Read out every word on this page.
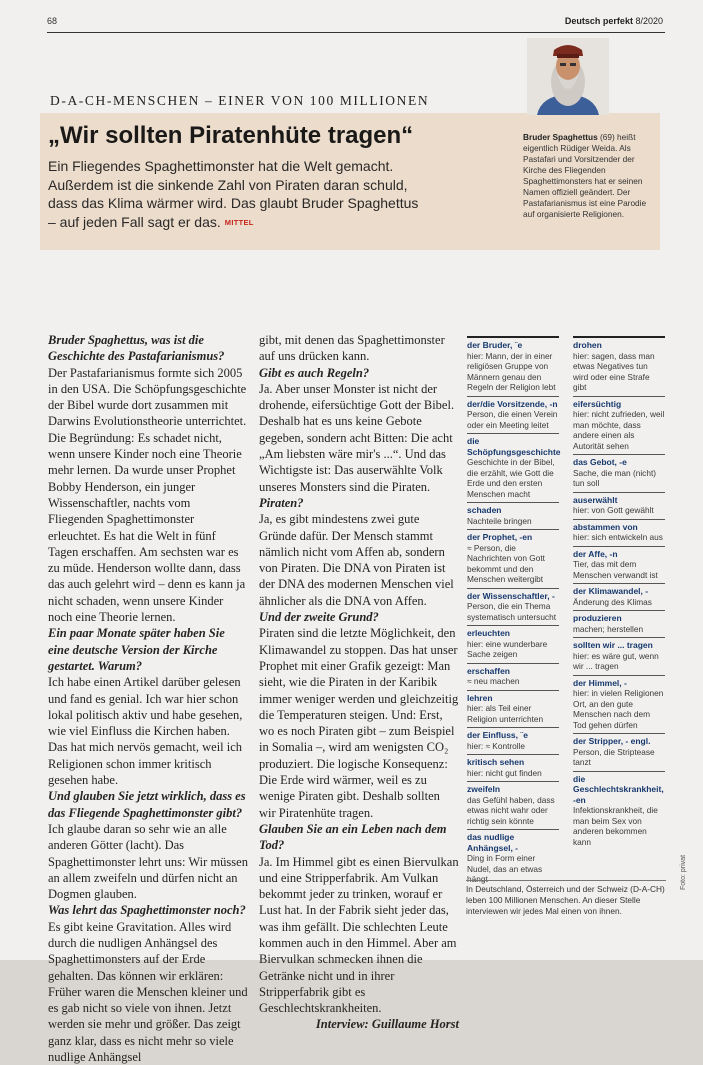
68	Deutsch perfekt 8/2020
D-A-CH-MENSCHEN – EINER VON 100 MILLIONEN
Bruder Spaghettus (69) heißt eigentlich Rüdiger Weida. Als Pastafari und Vorsitzender der Kirche des Fliegenden Spaghettimonsters hat er seinen Namen offiziell geändert. Der Pastafarianismus ist eine Parodie auf organisierte Religionen.
„Wir sollten Piratenhüte tragen“
Ein Fliegendes Spaghettimonster hat die Welt gemacht. Außerdem ist die sinkende Zahl von Piraten daran schuld, dass das Klima wärmer wird. Das glaubt Bruder Spaghettus – auf jeden Fall sagt er das. MITTEL

Bruder Spaghettus, was ist die Geschichte des Pastafarianismus?

Der Pastafarianismus formte sich 2005 in den USA. Die Schöpfungsgeschichte der Bibel wurde dort zusammen mit Darwins Evolutionstheorie unterrichtet. Die Begründung: Es schadet nicht, wenn unsere Kinder noch eine Theorie mehr lernen. Da wurde unser Prophet Bobby Henderson, ein junger Wissenschaftler, nachts vom Fliegenden Spaghettimonster erleuchtet. Es hat die Welt in fünf Tagen erschaffen. Am sechsten war es zu müde. Henderson wollte dann, dass das auch gelehrt wird – denn es kann ja nicht schaden, wenn unsere Kinder noch eine Theorie lernen.

Ein paar Monate später haben Sie eine deutsche Version der Kirche gestartet. Warum?

Ich habe einen Artikel darüber gelesen und fand es genial. Ich war hier schon lokal politisch aktiv und habe gesehen, wie viel Einfluss die Kirchen haben. Das hat mich nervös gemacht, weil ich Religionen schon immer kritisch gesehen habe.

Und glauben Sie jetzt wirklich, dass es das Fliegende Spaghettimonster gibt?

Ich glaube daran so sehr wie an alle anderen Götter (lacht). Das Spaghettimonster lehrt uns: Wir müssen an allem zweifeln und dürfen nicht an Dogmen glauben.

Was lehrt das Spaghettimonster noch?

Es gibt keine Gravitation. Alles wird durch die nudligen Anhängsel des Spaghettimonsters auf der Erde gehalten. Das können wir erklären: Früher waren die Menschen kleiner und es gab nicht so viele von ihnen. Jetzt werden sie mehr und größer. Das zeigt ganz klar, dass es nicht mehr so viele nudlige Anhängsel

gibt, mit denen das Spaghettimonster auf uns drücken kann.

Gibt es auch Regeln?

Ja. Aber unser Monster ist nicht der drohende, eifersüchtige Gott der Bibel. Deshalb hat es uns keine Gebote gegeben, sondern acht Bitten: Die acht „Am liebsten wäre mir's ...“. Und das Wichtigste ist: Das auserwählte Volk unseres Monsters sind die Piraten.

Piraten?

Ja, es gibt mindestens zwei gute Gründe dafür. Der Mensch stammt nämlich nicht vom Affen ab, sondern von Piraten. Die DNA von Piraten ist der DNA des modernen Menschen viel ähnlicher als die DNA von Affen.

Und der zweite Grund?

Piraten sind die letzte Möglichkeit, den Klimawandel zu stoppen. Das hat unser Prophet mit einer Grafik gezeigt: Man sieht, wie die Piraten in der Karibik immer weniger werden und gleichzeitig die Temperaturen steigen. Und: Erst, wo es noch Piraten gibt – zum Beispiel in Somalia –, wird am wenigsten CO₂ produziert. Die logische Konsequenz: Die Erde wird wärmer, weil es zu wenige Piraten gibt. Deshalb sollten wir Piratenhüte tragen.

Glauben Sie an ein Leben nach dem Tod?

Ja. Im Himmel gibt es einen Biervulkan und eine Stripperfabrik. Am Vulkan bekommt jeder zu trinken, worauf er Lust hat. In der Fabrik sieht jeder das, was ihm gefällt. Die schlechten Leute kommen auch in den Himmel. Aber am Biervulkan schmecken ihnen die Getränke nicht und in ihrer Stripperfabrik gibt es Geschlechtskrankheiten.

Interview: Guillaume Horst

der Bruder, ¨e
hier: Mann, der in einer religiösen Gruppe von Männern genau den Regeln der Religion lebt
der/die Vorsitzende, -n
Person, die einen Verein oder ein Meeting leitet
die Schöpfungsgeschichte
Geschichte in der Bibel, die erzählt, wie Gott die Erde und den ersten Menschen macht
schaden
Nachteile bringen
der Prophet, -en
≈ Person, die Nachrichten von Gott bekommt und den Menschen weitergibt
der Wissenschaftler, -
Person, die ein Thema systematisch untersucht
erleuchten
hier: eine wunderbare Sache zeigen
erschaffen
≈ neu machen
lehren
hier: als Teil einer Religion unterrichten
der Einfluss, ¨e
hier: ≈ Kontrolle
kritisch sehen
hier: nicht gut finden
zweifeln
das Gefühl haben, dass etwas nicht wahr oder richtig sein könnte
das nudlige Anhängsel, -
Ding in Form einer Nudel, das an etwas hängt
drohen
hier: sagen, dass man etwas Negatives tun wird oder eine Strafe gibt
eifersüchtig
hier: nicht zufrieden, weil man möchte, dass andere einen als Autorität sehen
das Gebot, -e
Sache, die man (nicht) tun soll
auserwählt
hier: von Gott gewählt
abstammen von
hier: sich entwickeln aus
der Affe, -n
Tier, das mit dem Menschen verwandt ist
der Klimawandel, -
Änderung des Klimas
produzieren
machen; herstellen
sollten wir ... tragen
hier: es wäre gut, wenn wir ... tragen
der Himmel, -
hier: in vielen Religionen Ort, an den gute Menschen nach dem Tod gehen dürfen
der Stripper, - engl.
Person, die Striptease tanzt
die Geschlechtskrankheit, -en
Infektionskrankheit, die man beim Sex von anderen bekommen kann
In Deutschland, Österreich und der Schweiz (D-A-CH) leben 100 Millionen Menschen. An dieser Stelle interviewen wir jedes Mal einen von ihnen.
Foto: privat
